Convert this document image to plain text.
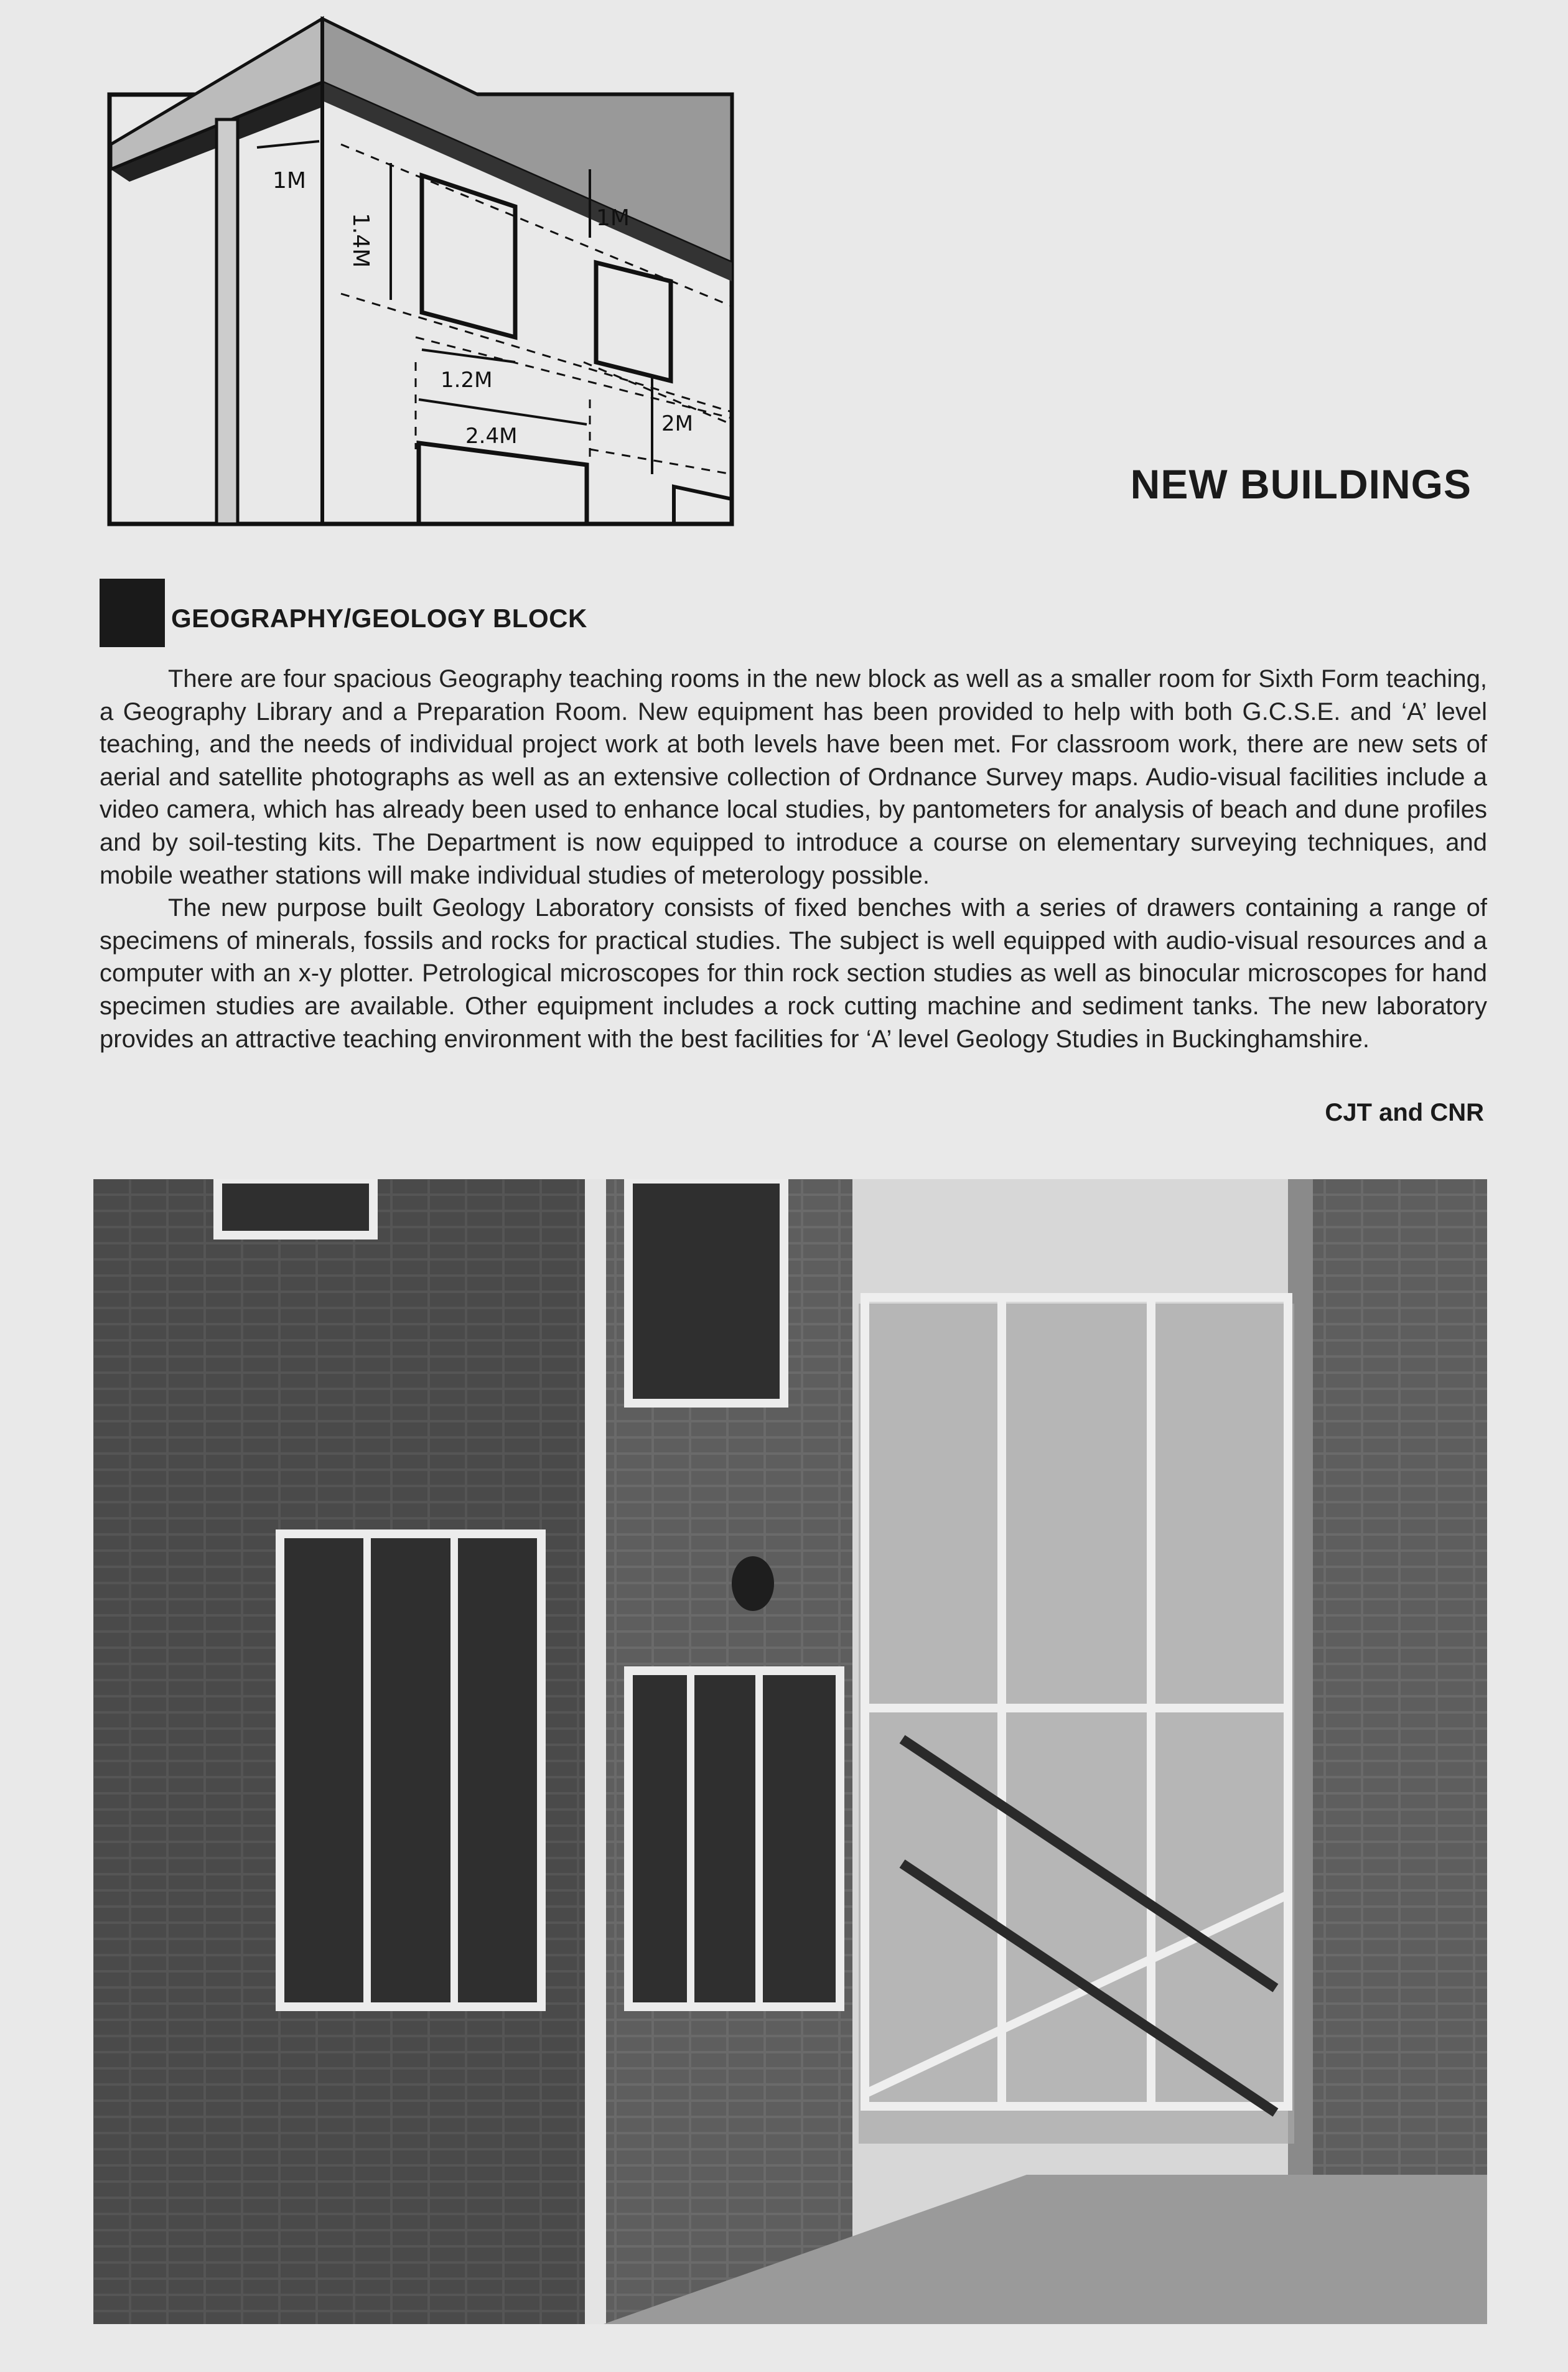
1M
1M
1.4M
1.2M
2.4M	2M
NEW BUILDINGS
GEOGRAPHY/GEOLOGY BLOCK

There are four spacious Geography teaching rooms in the new block as well as a smaller room for Sixth Form teaching, a Geography Library and a Preparation Room. New equipment has been provided to help with both G.C.S.E. and ‘A’ level teaching, and the needs of individual project work at both levels have been met. For classroom work, there are new sets of aerial and satellite photographs as well as an extensive collection of Ordnance Survey maps. Audio-visual facilities include a video camera, which has already been used to enhance local studies, by pantometers for analysis of beach and dune profiles and by soil-testing kits. The Department is now equipped to introduce a course on elementary surveying techniques, and mobile weather stations will make individual studies of meterology possible.

The new purpose built Geology Laboratory consists of fixed benches with a series of drawers containing a range of specimens of minerals, fossils and rocks for practical studies. The subject is well equipped with audio-visual resources and a computer with an x-y plotter. Petrological microscopes for thin rock section studies as well as binocular microscopes for hand specimen studies are available. Other equipment includes a rock cutting machine and sediment tanks. The new laboratory provides an attractive teaching environment with the best facilities for ‘A’ level Geology Studies in Buckinghamshire.

CJT and CNR
